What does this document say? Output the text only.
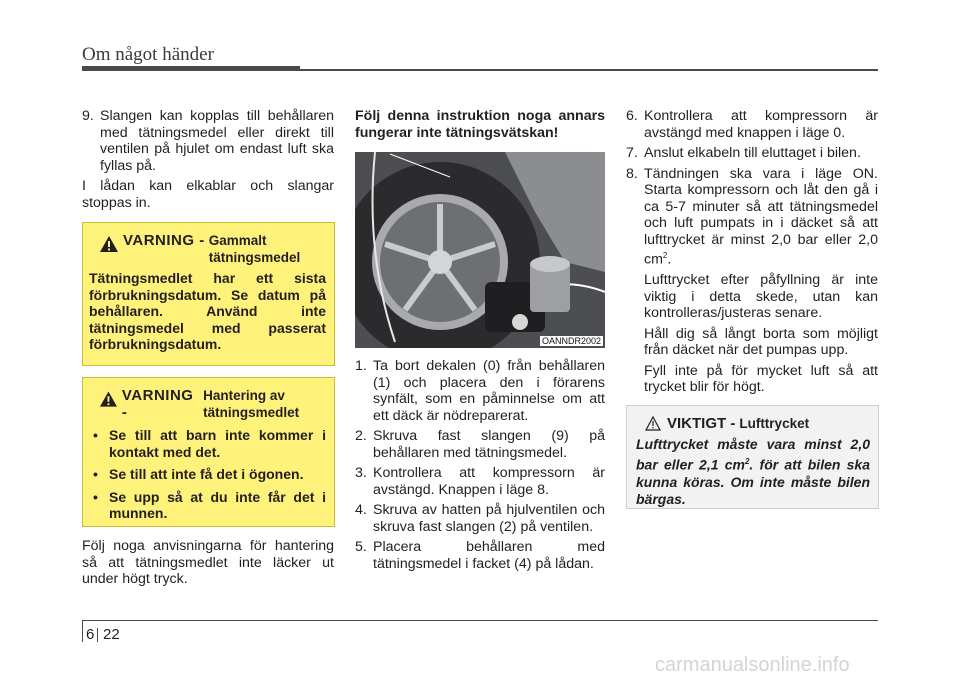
Om något händer
9. Slangen kan kopplas till behållaren med tätningsmedel eller direkt till ventilen på hjulet om endast luft ska fyllas på.

I lådan kan elkablar och slangar stoppas in.

VARNING - Gammalt tätningsmedel
Tätningsmedlet har ett sista förbrukningsdatum. Se datum på behållaren. Använd inte tätningsmedel med passerat förbrukningsdatum.
VARNING -
Hantering av tätningsmedlet
• Se till att barn inte kommer i kontakt med det.
• Se till att inte få det i ögonen.
• Se upp så at du inte får det i munnen.

Följ noga anvisningarna för hantering så att tätningsmedlet inte läcker ut under högt tryck.

Följ denna instruktion noga annars fungerar inte tätningsvätskan!

OANNDR2002
1. Ta bort dekalen (0) från behållaren (1) och placera den i förarens synfält, som en påminnelse om att ett däck är nödreparerat.
2. Skruva fast slangen (9) på behållaren med tätningsmedel.
3. Kontrollera att kompressorn är avstängd. Knappen i läge 8.
4. Skruva av hatten på hjulventilen och skruva fast slangen (2) på ventilen.
5. Placera behållaren med tätningsmedel i facket (4) på lådan.
6. Kontrollera att kompressorn är avstängd med knappen i läge 0.
7. Anslut elkabeln till eluttaget i bilen.
8. Tändningen ska vara i läge ON. Starta kompressorn och låt den gå i ca 5-7 minuter så att tätningsmedel och luft pumpats in i däcket så att lufttrycket är minst 2,0 bar eller 2,0 $cm^2$.

Lufttrycket efter påfyllning är inte viktig i detta skede, utan kan kontrolleras/justeras senare.

Håll dig så långt borta som möjligt från däcket när det pumpas upp.

Fyll inte på för mycket luft så att trycket blir för högt.

VIKTIGT - Lufttrycket
Lufttrycket måste vara minst 2,0 bar eller 2,1 $cm^2$. för att bilen ska kunna köras. Om inte måste bilen bärgas.
6 22
carmanualsonline.info
